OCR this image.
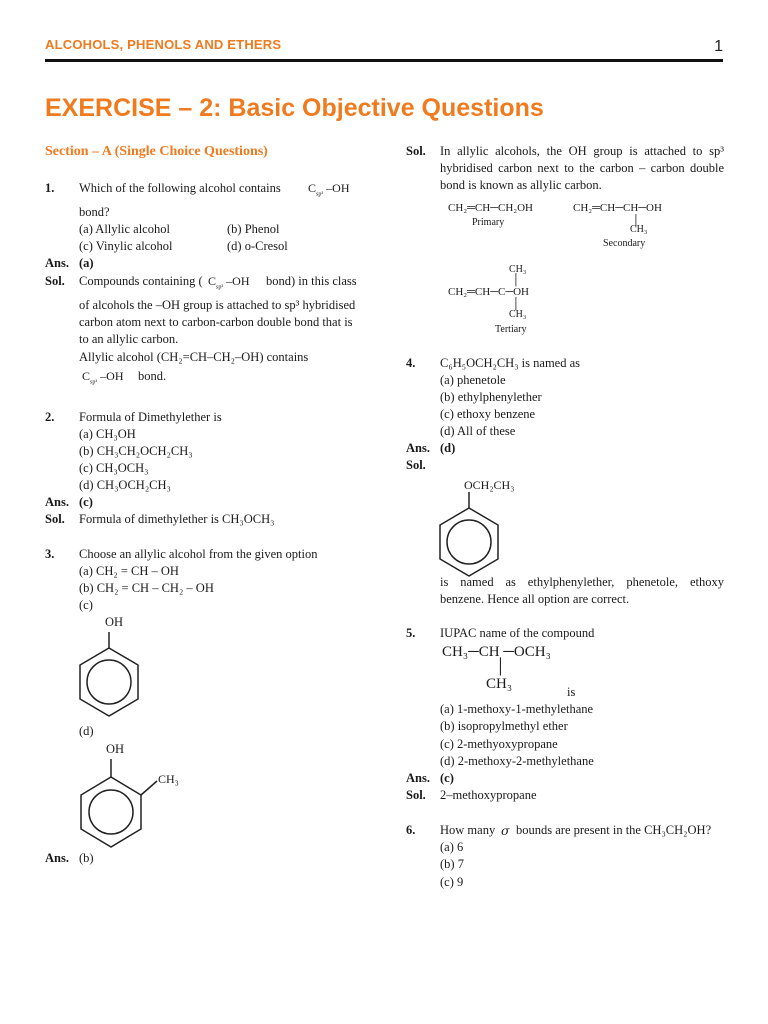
ALCOHOLS, PHENOLS AND ETHERS	1
EXERCISE – 2: Basic Objective Questions
Section – A (Single Choice Questions)
1. Which of the following alcohol contains $C_{sp^3}$ –OH
bond?
(a) Allylic alcohol	(b) Phenol
(c) Vinylic alcohol	(d) o-Cresol
Ans. (a)
Sol. Compounds containing ( $C_{sp^3}$ –OH bond) in this class
of alcohols the –OH group is attached to sp³ hybridised
carbon atom next to carbon-carbon double bond that is
to an allylic carbon.
Allylic alcohol (CH₂=CH–CH₂–OH) contains
$C_{sp^3}$ –OH bond.
2. Formula of Dimethylether is
(a) CH₃OH
(b) CH₃CH₂OCH₂CH₃
(c) CH₃OCH₃
(d) CH₃OCH₂CH₃
Ans. (c)
Sol. Formula of dimethylether is CH₃OCH₃
3. Choose an allylic alcohol from the given option
(a) CH₂ = CH – OH
(b) CH₂ = CH – CH₂ – OH
(c)
OH
(d)
OH
CH₃
Ans. (b)
Sol. In allylic alcohols, the OH group is attached to sp³ hybridised carbon next to the carbon – carbon double bond is known as allylic carbon.
CH₂═CH─CH₂OH
Primary
CH₂═CH─CH─OH
│
CH₃
Secondary
CH₃
│
CH₂═CH─C─OH
│
CH₃
Tertiary
4. C₆H₅OCH₂CH₃ is named as
(a) phenetole
(b) ethylphenylether
(c) ethoxy benzene
(d) All of these
Ans. (d)
Sol.
OCH₂CH₃
is named as ethylphenylether, phenetole, ethoxy benzene. Hence all option are correct.
5. IUPAC name of the compound
CH₃─CH ─OCH₃
│
CH₃	is
(a) 1-methoxy-1-methylethane
(b) isopropylmethyl ether
(c) 2-methyoxypropane
(d) 2-methoxy-2-methylethane
Ans. (c)
Sol. 2–methoxypropane
6. How many σ bounds are present in the CH₃CH₂OH?
(a) 6
(b) 7
(c) 9
